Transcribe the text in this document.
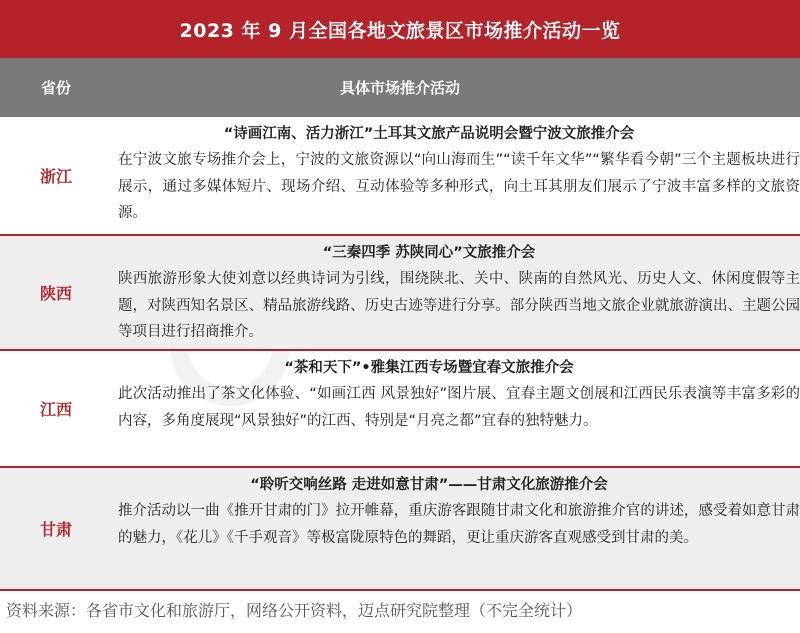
2023 年 9 月全国各地文旅景区市场推介活动一览
省份	具体市场推介活动
浙江
“诗画江南、活力浙江”土耳其文旅产品说明会暨宁波文旅推介会
在宁波文旅专场推介会上，宁波的文旅资源以“向山海而生”“读千年文华”“繁华看今朝”三个主题板块进行展示，通过多媒体短片、现场介绍、互动体验等多种形式，向土耳其朋友们展示了宁波丰富多样的文旅资源。
陕西
“三秦四季 苏陕同心”文旅推介会
陕西旅游形象大使刘意以经典诗词为引线，围绕陕北、关中、陕南的自然风光、历史人文、休闲度假等主题，对陕西知名景区、精品旅游线路、历史古迹等进行分享。部分陕西当地文旅企业就旅游演出、主题公园等项目进行招商推介。
江西
“茶和天下”•雅集江西专场暨宜春文旅推介会
此次活动推出了茶文化体验、“如画江西 风景独好”图片展、宜春主题文创展和江西民乐表演等丰富多彩的内容，多角度展现“风景独好”的江西、特别是“月亮之都”宜春的独特魅力。
甘肃
“聆听交响丝路 走进如意甘肃”——甘肃文化旅游推介会
推介活动以一曲《推开甘肃的门》拉开帷幕，重庆游客跟随甘肃文化和旅游推介官的讲述，感受着如意甘肃的魅力，《花儿》《千手观音》等极富陇原特色的舞蹈，更让重庆游客直观感受到甘肃的美。
资料来源：各省市文化和旅游厅，网络公开资料，迈点研究院整理（不完全统计）
